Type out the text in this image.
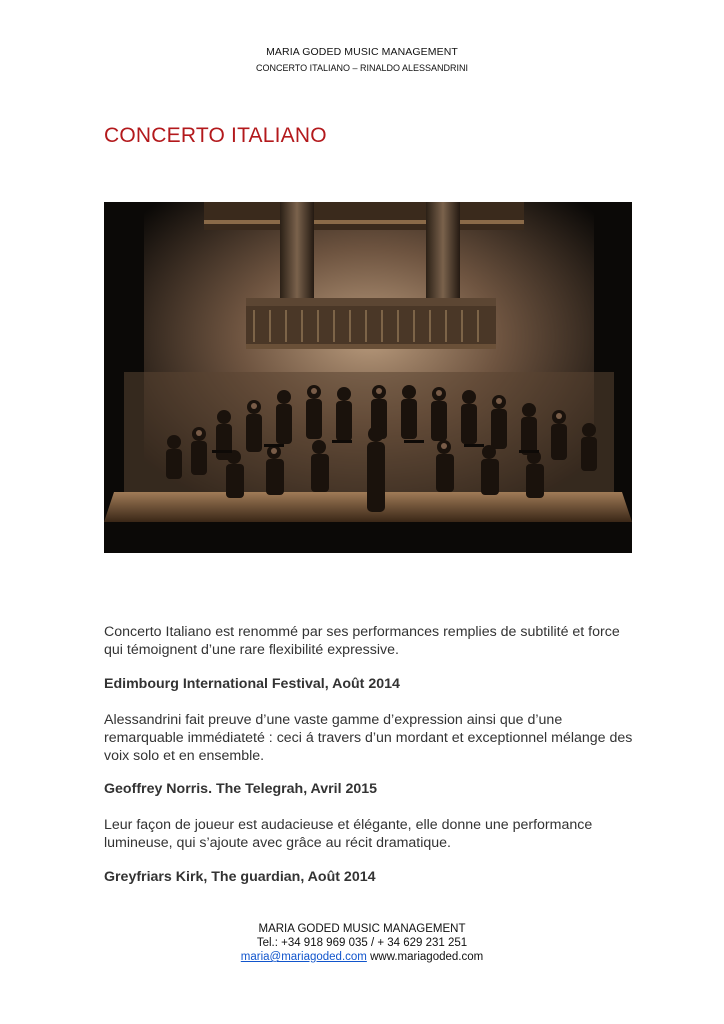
MARIA GODED MUSIC MANAGEMENT
CONCERTO ITALIANO – RINALDO ALESSANDRINI
CONCERTO ITALIANO

Concerto Italiano est renommé par ses performances remplies de subtilité et force qui témoignent d’une rare flexibilité expressive.

Edimbourg International Festival, Août 2014

Alessandrini fait preuve d’une vaste gamme d’expression ainsi que d’une remarquable immédiateté : ceci á travers d’un mordant et exceptionnel mélange des voix solo et en ensemble.

Geoffrey Norris. The Telegrah, Avril 2015

Leur façon de joueur est audacieuse et élégante, elle donne une performance lumineuse, qui s’ajoute avec grâce au récit dramatique.

Greyfriars Kirk, The guardian, Août 2014

MARIA GODED MUSIC MANAGEMENT
Tel.: +34 918 969 035 / + 34 629 231 251
maria@mariagoded.com www.mariagoded.com
